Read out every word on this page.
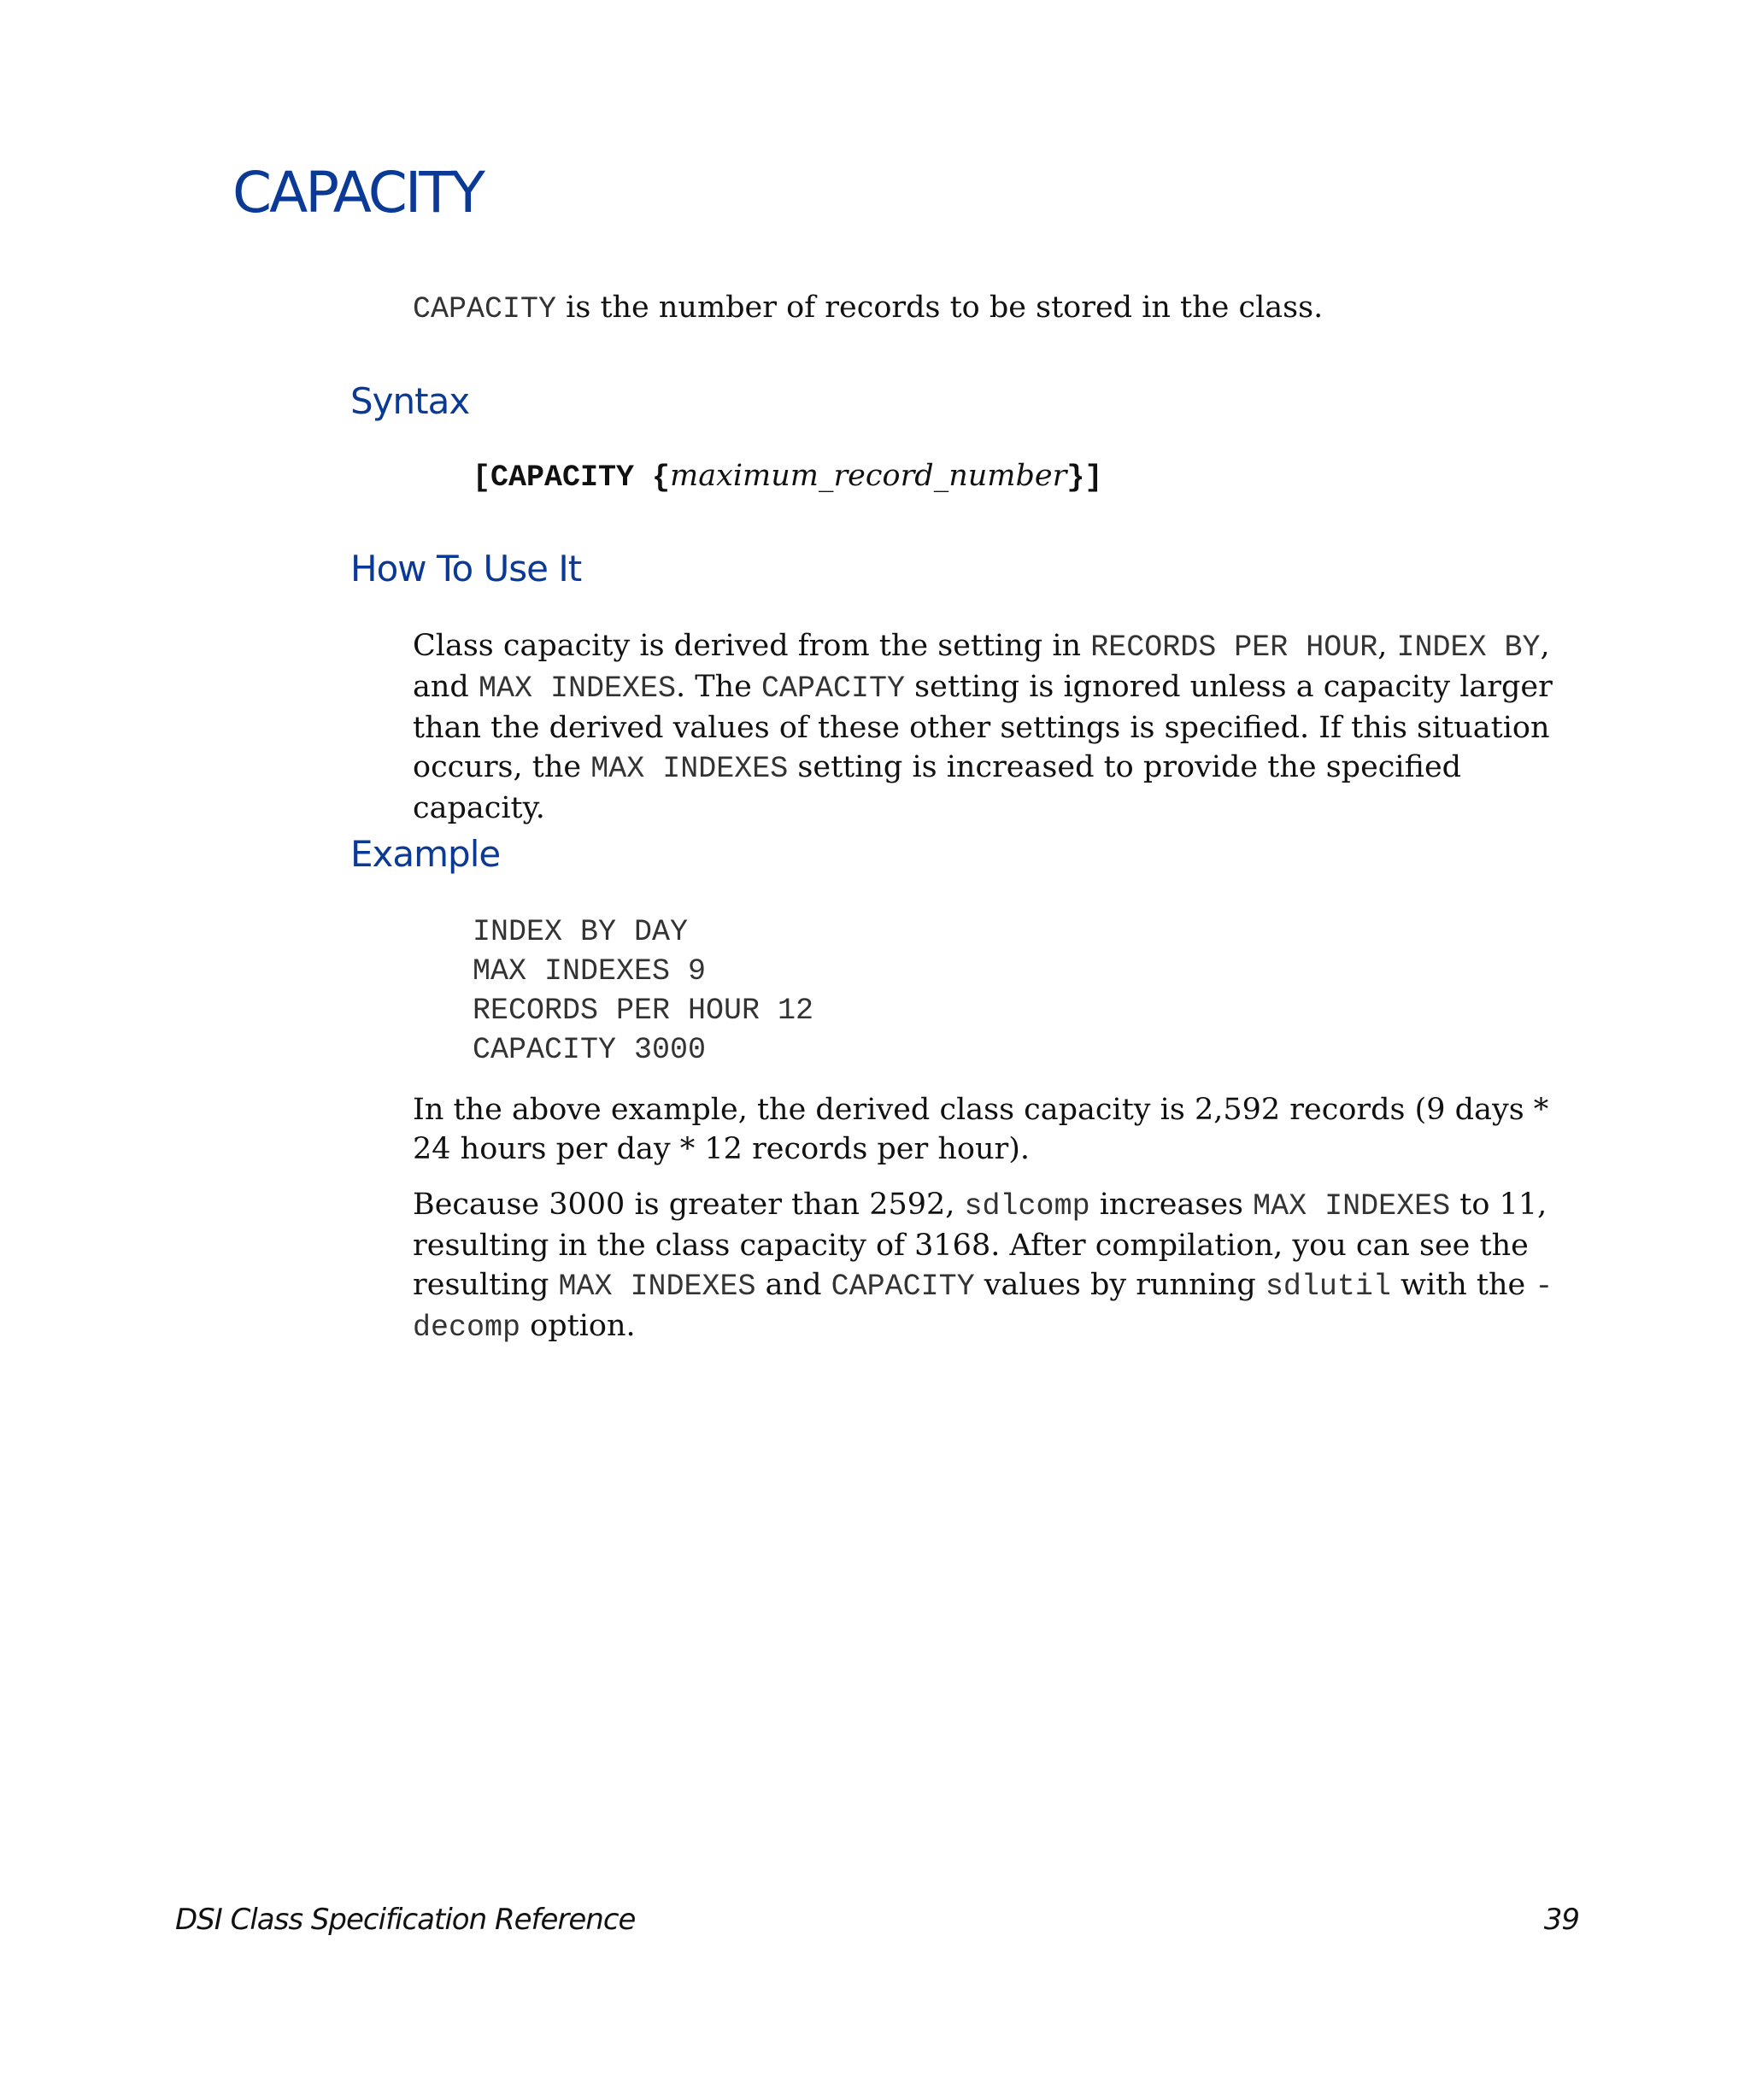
CAPACITY

CAPACITY is the number of records to be stored in the class.

Syntax

[CAPACITY {maximum_record_number}]

How To Use It

Class capacity is derived from the setting in RECORDS PER HOUR, INDEX BY, and MAX INDEXES. The CAPACITY setting is ignored unless a capacity larger than the derived values of these other settings is specified. If this situation occurs, the MAX INDEXES setting is increased to provide the specified capacity.

Example
INDEX BY DAY
MAX INDEXES 9
RECORDS PER HOUR 12
CAPACITY 3000

In the above example, the derived class capacity is 2,592 records (9 days * 24 hours per day * 12 records per hour).

Because 3000 is greater than 2592, sdlcomp increases MAX INDEXES to 11, resulting in the class capacity of 3168. After compilation, you can see the resulting MAX INDEXES and CAPACITY values by running sdlutil with the -decomp option.

DSI Class Specification Reference	39
